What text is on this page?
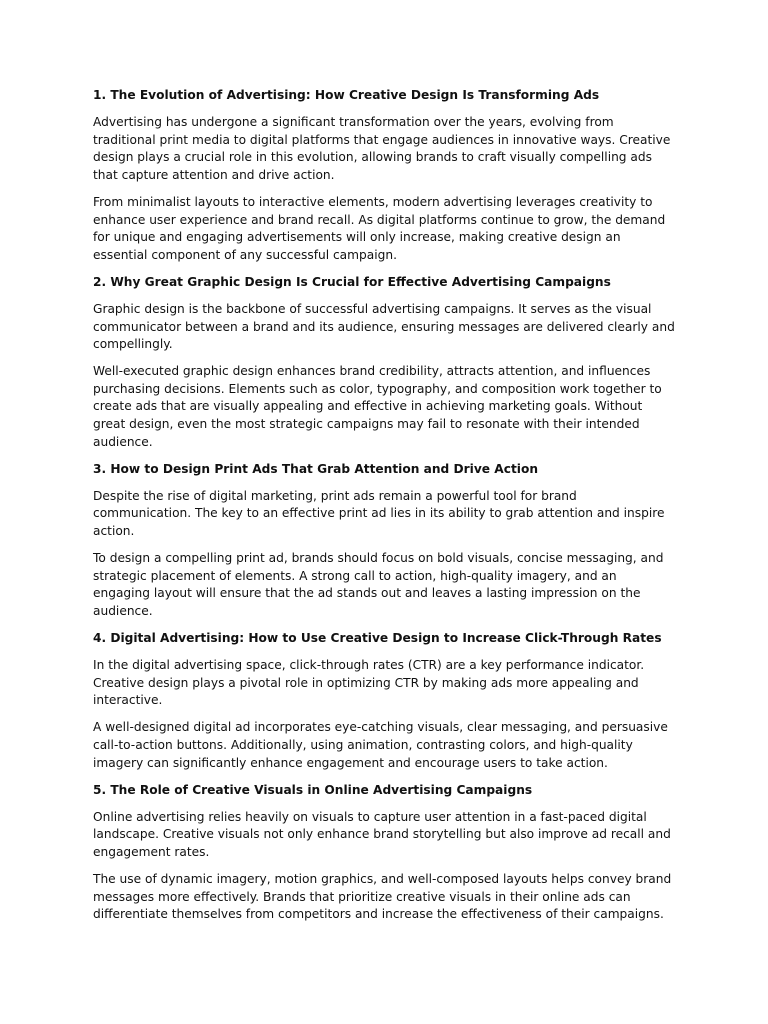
1. The Evolution of Advertising: How Creative Design Is Transforming Ads

Advertising has undergone a significant transformation over the years, evolving from traditional print media to digital platforms that engage audiences in innovative ways. Creative design plays a crucial role in this evolution, allowing brands to craft visually compelling ads that capture attention and drive action.

From minimalist layouts to interactive elements, modern advertising leverages creativity to enhance user experience and brand recall. As digital platforms continue to grow, the demand for unique and engaging advertisements will only increase, making creative design an essential component of any successful campaign.

2. Why Great Graphic Design Is Crucial for Effective Advertising Campaigns

Graphic design is the backbone of successful advertising campaigns. It serves as the visual communicator between a brand and its audience, ensuring messages are delivered clearly and compellingly.

Well-executed graphic design enhances brand credibility, attracts attention, and influences purchasing decisions. Elements such as color, typography, and composition work together to create ads that are visually appealing and effective in achieving marketing goals. Without great design, even the most strategic campaigns may fail to resonate with their intended audience.

3. How to Design Print Ads That Grab Attention and Drive Action

Despite the rise of digital marketing, print ads remain a powerful tool for brand communication. The key to an effective print ad lies in its ability to grab attention and inspire action.

To design a compelling print ad, brands should focus on bold visuals, concise messaging, and strategic placement of elements. A strong call to action, high-quality imagery, and an engaging layout will ensure that the ad stands out and leaves a lasting impression on the audience.

4. Digital Advertising: How to Use Creative Design to Increase Click-Through Rates

In the digital advertising space, click-through rates (CTR) are a key performance indicator. Creative design plays a pivotal role in optimizing CTR by making ads more appealing and interactive.

A well-designed digital ad incorporates eye-catching visuals, clear messaging, and persuasive call-to-action buttons. Additionally, using animation, contrasting colors, and high-quality imagery can significantly enhance engagement and encourage users to take action.

5. The Role of Creative Visuals in Online Advertising Campaigns

Online advertising relies heavily on visuals to capture user attention in a fast-paced digital landscape. Creative visuals not only enhance brand storytelling but also improve ad recall and engagement rates.

The use of dynamic imagery, motion graphics, and well-composed layouts helps convey brand messages more effectively. Brands that prioritize creative visuals in their online ads can differentiate themselves from competitors and increase the effectiveness of their campaigns.
